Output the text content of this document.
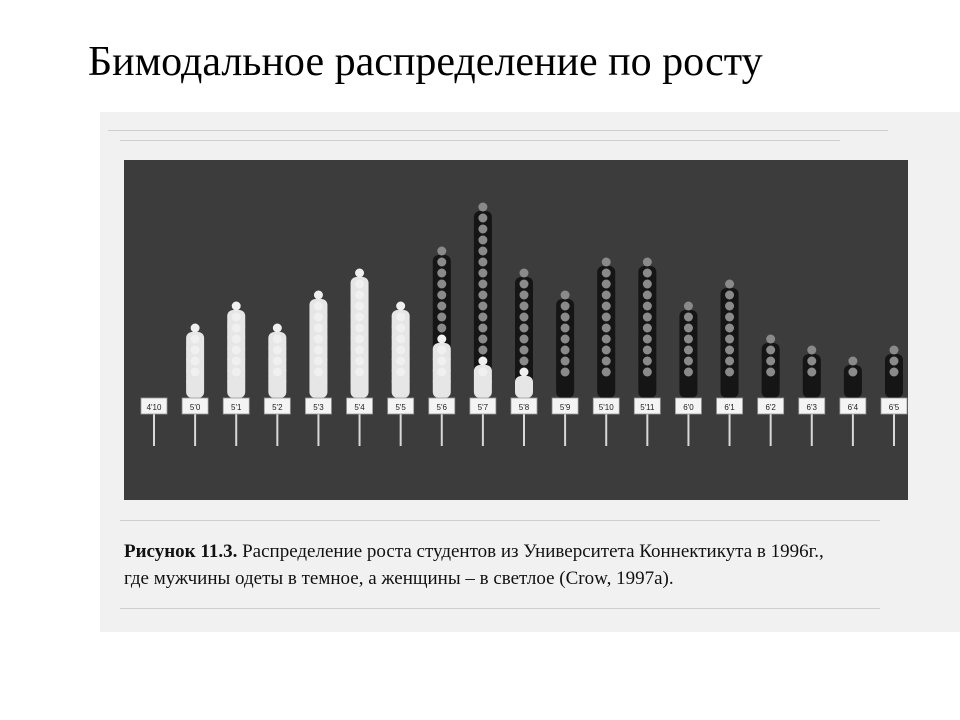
Бимодальное распределение по росту
4'10	5'0	5'1	5'2	5'3	5'4	5'5	5'6	5'7	5'8	5'9	5'10	5'11	6'0	6'1	6'2	6'3	6'4	6'5
Рисунок 11.3. Распределение роста студентов из Университета Коннектикута в 1996г.,
где мужчины одеты в темное, а женщины – в светлое (Crow, 1997a).
